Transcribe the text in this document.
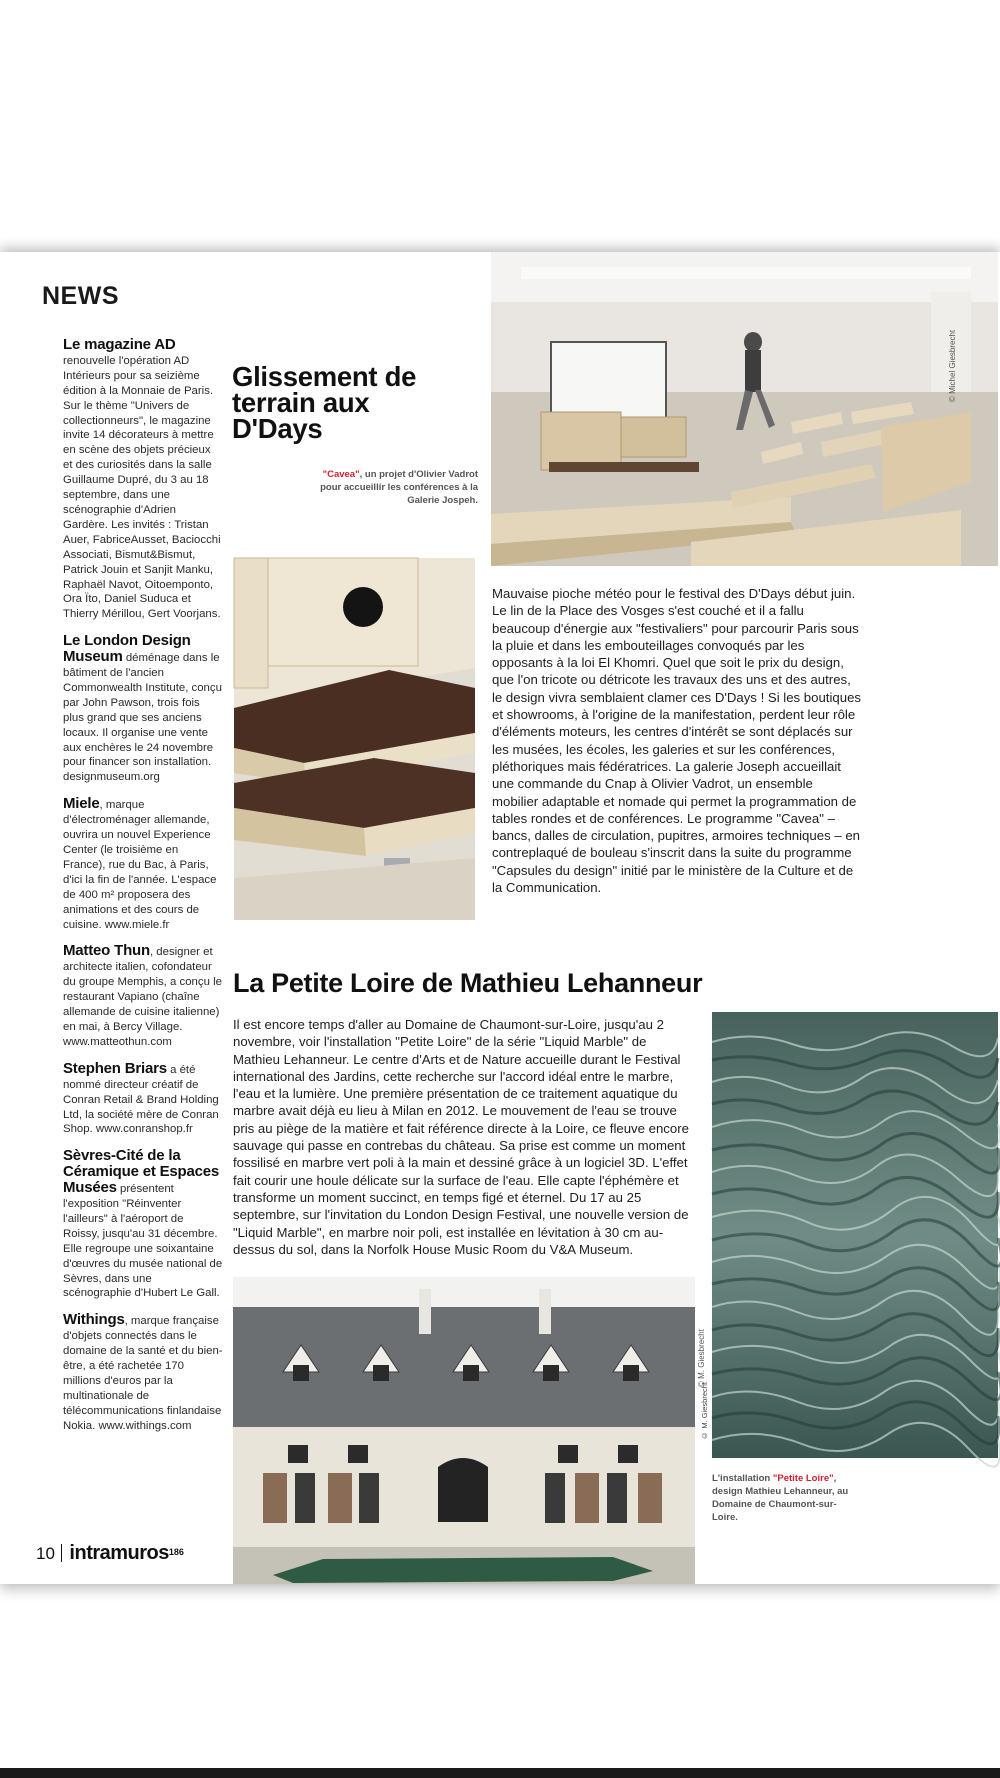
NEWS
Le magazine AD renouvelle l'opération AD Intérieurs pour sa seizième édition à la Monnaie de Paris. Sur le thème "Univers de collectionneurs", le magazine invite 14 décorateurs à mettre en scène des objets précieux et des curiosités dans la salle Guillaume Dupré, du 3 au 18 septembre, dans une scénographie d'Adrien Gardère. Les invités : Tristan Auer, FabriceAusset, Baciocchi Associati, Bismut&Bismut, Patrick Jouin et Sanjit Manku, Raphaël Navot, Oitoemponto, Ora Ïto, Daniel Suduca et Thierry Mérillou, Gert Voorjans.
Le London Design Museum déménage dans le bâtiment de l'ancien Commonwealth Institute, conçu par John Pawson, trois fois plus grand que ses anciens locaux. Il organise une vente aux enchères le 24 novembre pour financer son installation. designmuseum.org
Miele, marque d'électroménager allemande, ouvrira un nouvel Experience Center (le troisième en France), rue du Bac, à Paris, d'ici la fin de l'année. L'espace de 400 m² proposera des animations et des cours de cuisine. www.miele.fr
Matteo Thun, designer et architecte italien, cofondateur du groupe Memphis, a conçu le restaurant Vapiano (chaîne allemande de cuisine italienne) en mai, à Bercy Village. www.matteothun.com
Stephen Briars a été nommé directeur créatif de Conran Retail & Brand Holding Ltd, la société mère de Conran Shop. www.conranshop.fr
Sèvres-Cité de la Céramique et Espaces Musées présentent l'exposition "Réinventer l'ailleurs" à l'aéroport de Roissy, jusqu'au 31 décembre. Elle regroupe une soixantaine d'œuvres du musée national de Sèvres, dans une scénographie d'Hubert Le Gall.
Withings, marque française d'objets connectés dans le domaine de la santé et du bien-être, a été rachetée 170 millions d'euros par la multinationale de télécommunications finlandaise Nokia. www.withings.com
Glissement de terrain aux D'Days
"Cavea", un projet d'Olivier Vadrot pour accueillir les conférences à la Galerie Jospeh.
© Michel Giesbrecht
Mauvaise pioche météo pour le festival des D'Days début juin. Le lin de la Place des Vosges s'est couché et il a fallu beaucoup d'énergie aux "festivaliers" pour parcourir Paris sous la pluie et dans les embouteillages convoqués par les opposants à la loi El Khomri. Quel que soit le prix du design, que l'on tricote ou détricote les travaux des uns et des autres, le design vivra semblaient clamer ces D'Days ! Si les boutiques et showrooms, à l'origine de la manifestation, perdent leur rôle d'éléments moteurs, les centres d'intérêt se sont déplacés sur les musées, les écoles, les galeries et sur les conférences, pléthoriques mais fédératrices. La galerie Joseph accueillait une commande du Cnap à Olivier Vadrot, un ensemble mobilier adaptable et nomade qui permet la programmation de tables rondes et de conférences. Le programme "Cavea" – bancs, dalles de circulation, pupitres, armoires techniques – en contreplaqué de bouleau s'inscrit dans la suite du programme "Capsules du design" initié par le ministère de la Culture et de la Communication.
La Petite Loire de Mathieu Lehanneur
Il est encore temps d'aller au Domaine de Chaumont-sur-Loire, jusqu'au 2 novembre, voir l'installation "Petite Loire" de la série "Liquid Marble" de Mathieu Lehanneur. Le centre d'Arts et de Nature accueille durant le Festival international des Jardins, cette recherche sur l'accord idéal entre le marbre, l'eau et la lumière. Une première présentation de ce traitement aquatique du marbre avait déjà eu lieu à Milan en 2012. Le mouvement de l'eau se trouve pris au piège de la matière et fait référence directe à la Loire, ce fleuve encore sauvage qui passe en contrebas du château. Sa prise est comme un moment fossilisé en marbre vert poli à la main et dessiné grâce à un logiciel 3D. L'effet fait courir une houle délicate sur la surface de l'eau. Elle capte l'éphémère et transforme un moment succinct, en temps figé et éternel. Du 17 au 25 septembre, sur l'invitation du London Design Festival, une nouvelle version de "Liquid Marble", en marbre noir poli, est installée en lévitation à 30 cm au-dessus du sol, dans la Norfolk House Music Room du V&A Museum.
L'installation "Petite Loire", design Mathieu Lehanneur, au Domaine de Chaumont-sur-Loire.
© M. Giesbrecht
© M. Giesbrecht
10 intramuros$^{186}$
